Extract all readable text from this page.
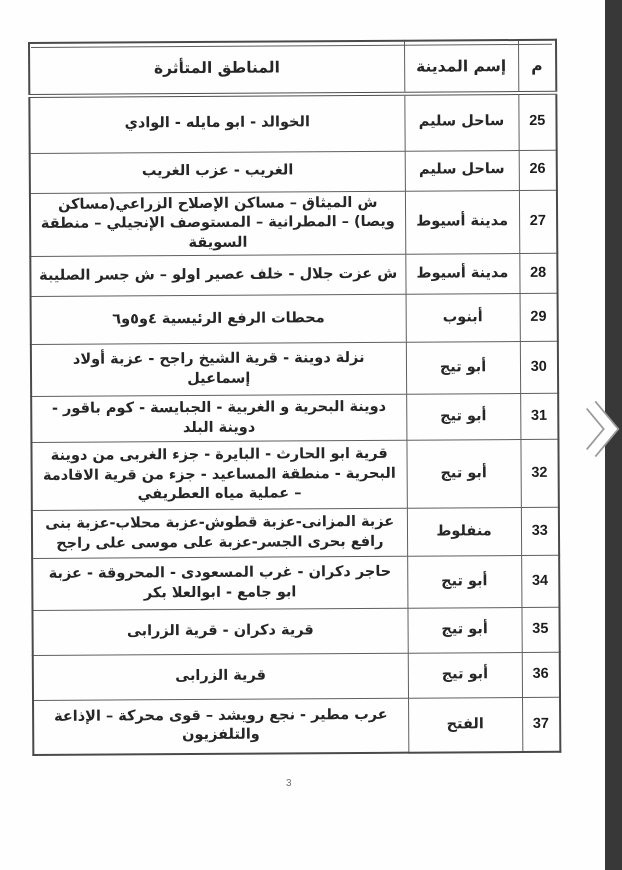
م	إسم المدينة	المناطق المتأثرة
25	ساحل سليم	الخوالد - ابو مايله - الوادي
26	ساحل سليم	الغريب - عزب الغريب
27	مدينة أسيوط	ش الميثاق – مساكن الإصلاح الزراعي(مساكن ويصا) – المطرانية – المستوصف الإنجيلي – منطقة السويقة
28	مدينة أسيوط	ش عزت جلال - خلف عصير اولو – ش جسر الصليبة
29	أبنوب	محطات الرفع الرئيسية ٤و٥و٦
30	أبو تيج	نزلة دوينة - قرية الشيخ راجح - عزبة أولاد إسماعيل
31	أبو تيج	دوينة البحرية و الغربية - الجبايسة - كوم باقور - دوينة البلد
32	أبو تيج	قرية ابو الحارث - البايرة - جزء الغربى من دوينة البحرية - منطقة المساعيد - جزء من قرية الاقادمة – عملية مياه العطريفي
33	منفلوط	عزبة المزانى-عزبة قطوش-عزبة محلاب-عزبة بنى رافع بحرى الجسر-عزبة على موسى على راجح
34	أبو تيج	حاجر دكران - غرب المسعودى - المحروقة - عزبة ابو جامع - ابوالعلا بكر
35	أبو تيج	قرية دكران - قرية الزرابى
36	أبو تيج	قرية الزرابى
37	الفتح	عرب مطير - نجع رويشد – قوى محركة – الإذاعة والتلفزيون
3
